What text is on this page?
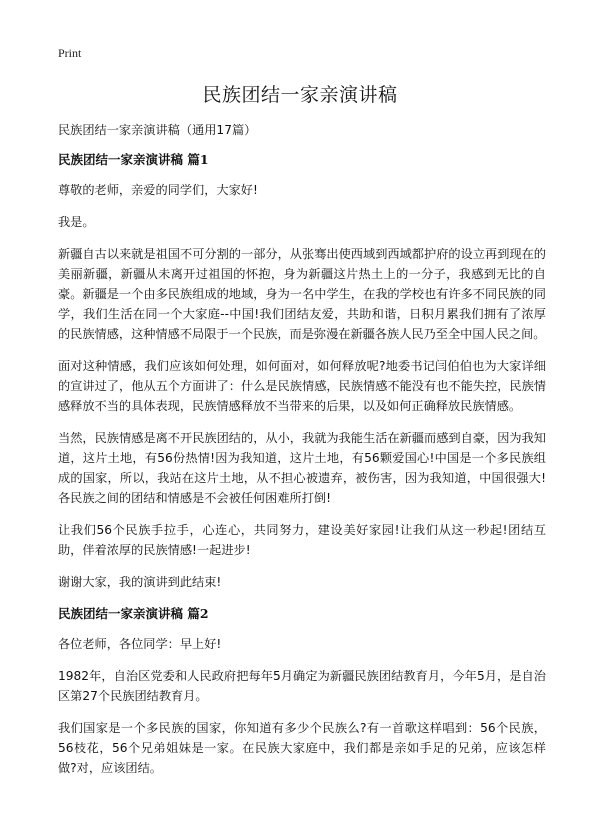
Print
民族团结一家亲演讲稿

民族团结一家亲演讲稿（通用17篇）

民族团结一家亲演讲稿 篇1

尊敬的老师，亲爱的同学们，大家好!

我是。

新疆自古以来就是祖国不可分割的一部分，从张骞出使西域到西域都护府的设立再到现在的美丽新疆，新疆从未离开过祖国的怀抱，身为新疆这片热土上的一分子，我感到无比的自豪。新疆是一个由多民族组成的地域，身为一名中学生，在我的学校也有许多不同民族的同学，我们生活在同一个大家庭--中国!我们团结友爱，共助和谐，日积月累我们拥有了浓厚的民族情感，这种情感不局限于一个民族，而是弥漫在新疆各族人民乃至全中国人民之间。

面对这种情感，我们应该如何处理，如何面对，如何释放呢?地委书记闫伯伯也为大家详细的宣讲过了，他从五个方面讲了：什么是民族情感，民族情感不能没有也不能失控，民族情感释放不当的具体表现，民族情感释放不当带来的后果，以及如何正确释放民族情感。

当然，民族情感是离不开民族团结的，从小，我就为我能生活在新疆而感到自豪，因为我知道，这片土地，有56份热情!因为我知道，这片土地，有56颗爱国心!中国是一个多民族组成的国家，所以，我站在这片土地，从不担心被遗弃，被伤害，因为我知道，中国很强大!各民族之间的团结和情感是不会被任何困难所打倒!

让我们56个民族手拉手，心连心，共同努力，建设美好家园!让我们从这一秒起!团结互助，伴着浓厚的民族情感!一起进步!

谢谢大家，我的演讲到此结束!

民族团结一家亲演讲稿 篇2

各位老师，各位同学：早上好!

1982年，自治区党委和人民政府把每年5月确定为新疆民族团结教育月，今年5月，是自治区第27个民族团结教育月。

我们国家是一个多民族的国家，你知道有多少个民族么?有一首歌这样唱到：56个民族，56枝花，56个兄弟姐妹是一家。在民族大家庭中，我们都是亲如手足的兄弟，应该怎样做?对，应该团结。
